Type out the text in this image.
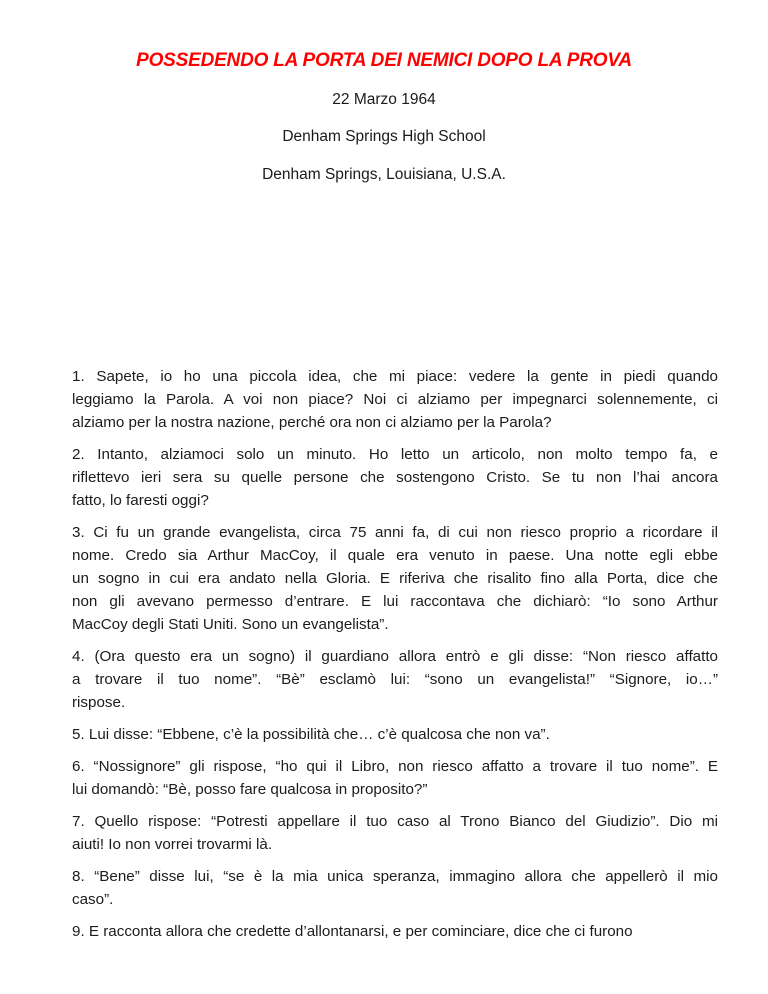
POSSEDENDO LA PORTA DEI NEMICI DOPO LA PROVA

22 Marzo 1964

Denham Springs High School

Denham Springs, Louisiana, U.S.A.

1. Sapete, io ho una piccola idea, che mi piace: vedere la gente in piedi quando
leggiamo la Parola. A voi non piace? Noi ci alziamo per impegnarci solennemente, ci
alziamo per la nostra nazione, perché ora non ci alziamo per la Parola?
2. Intanto, alziamoci solo un minuto. Ho letto un articolo, non molto tempo fa, e
riflettevo ieri sera su quelle persone che sostengono Cristo. Se tu non l’hai ancora
fatto, lo faresti oggi?
3. Ci fu un grande evangelista, circa 75 anni fa, di cui non riesco proprio a ricordare il
nome. Credo sia Arthur MacCoy, il quale era venuto in paese. Una notte egli ebbe
un sogno in cui era andato nella Gloria. E riferiva che risalito fino alla Porta, dice che
non gli avevano permesso d’entrare. E lui raccontava che dichiarò: “Io sono Arthur
MacCoy degli Stati Uniti. Sono un evangelista”.
4. (Ora questo era un sogno) il guardiano allora entrò e gli disse: “Non riesco affatto
a trovare il tuo nome”. “Bè” esclamò lui: “sono un evangelista!” “Signore, io…”
rispose.
5. Lui disse: “Ebbene, c’è la possibilità che… c’è qualcosa che non va”.
6. “Nossignore” gli rispose, “ho qui il Libro, non riesco affatto a trovare il tuo nome”. E
lui domandò: “Bè, posso fare qualcosa in proposito?”
7. Quello rispose: “Potresti appellare il tuo caso al Trono Bianco del Giudizio”. Dio mi
aiuti! Io non vorrei trovarmi là.
8. “Bene” disse lui, “se è la mia unica speranza, immagino allora che appellerò il mio
caso”.
9. E racconta allora che credette d’allontanarsi, e per cominciare, dice che ci furono
